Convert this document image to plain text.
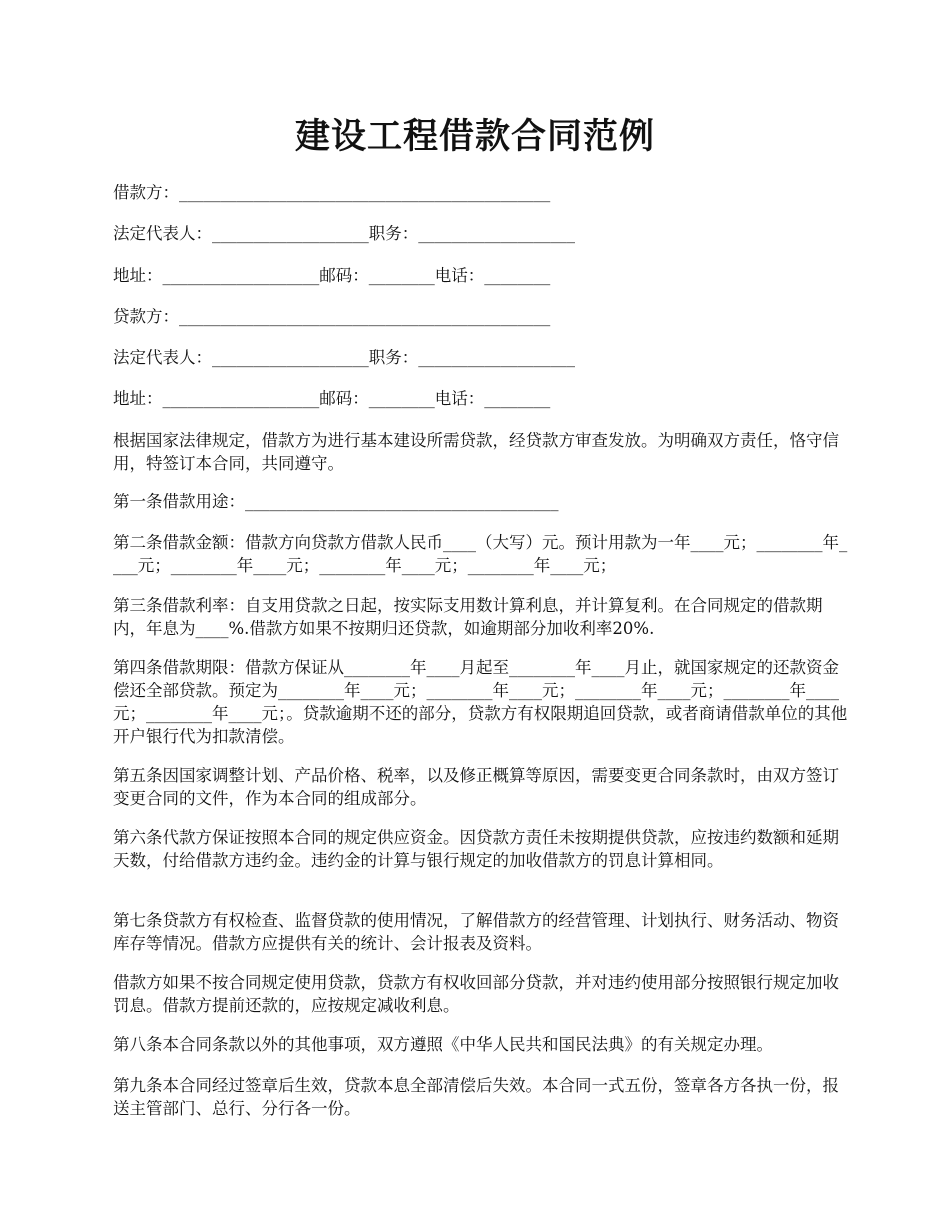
建设工程借款合同范例

借款方：_____________________________________________

法定代表人：___________________职务：___________________

地址：___________________邮码：________电话：________

贷款方：_____________________________________________

法定代表人：___________________职务：___________________

地址：___________________邮码：________电话：________

根据国家法律规定，借款方为进行基本建设所需贷款，经贷款方审查发放。为明确双方责任，恪守信用，特签订本合同，共同遵守。

第一条借款用途：______________________________________

第二条借款金额：借款方向贷款方借款人民币____（大写）元。预计用款为一年____元；________年____元；________年____元；________年____元；________年____元；

第三条借款利率：自支用贷款之日起，按实际支用数计算利息，并计算复利。在合同规定的借款期内，年息为____%.借款方如果不按期归还贷款，如逾期部分加收利率20%.

第四条借款期限：借款方保证从________年____月起至________年____月止，就国家规定的还款资金偿还全部贷款。预定为________年____元；________年____元；________年____元；________年____元；________年____元；。贷款逾期不还的部分，贷款方有权限期追回贷款，或者商请借款单位的其他开户银行代为扣款清偿。

第五条因国家调整计划、产品价格、税率，以及修正概算等原因，需要变更合同条款时，由双方签订变更合同的文件，作为本合同的组成部分。

第六条代款方保证按照本合同的规定供应资金。因贷款方责任未按期提供贷款，应按违约数额和延期天数，付给借款方违约金。违约金的计算与银行规定的加收借款方的罚息计算相同。

第七条贷款方有权检查、监督贷款的使用情况，了解借款方的经营管理、计划执行、财务活动、物资库存等情况。借款方应提供有关的统计、会计报表及资料。

借款方如果不按合同规定使用贷款，贷款方有权收回部分贷款，并对违约使用部分按照银行规定加收罚息。借款方提前还款的，应按规定减收利息。

第八条本合同条款以外的其他事项，双方遵照《中华人民共和国民法典》的有关规定办理。

第九条本合同经过签章后生效，贷款本息全部清偿后失效。本合同一式五份，签章各方各执一份，报送主管部门、总行、分行各一份。
